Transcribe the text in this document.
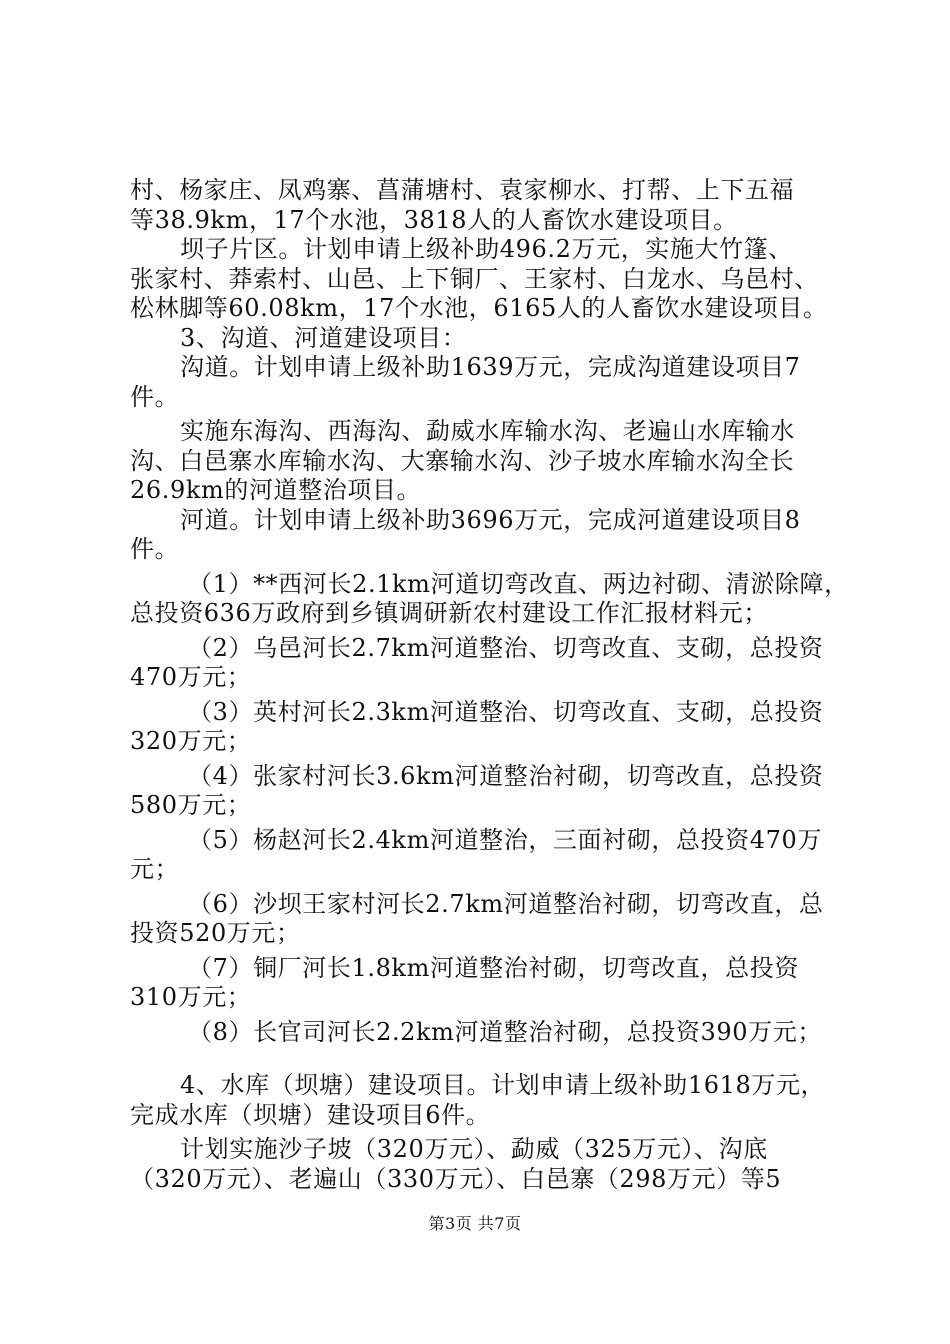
村、杨家庄、凤鸡寨、菖蒲塘村、袁家柳水、打帮、上下五福
等38.9km，17个水池，3818人的人畜饮水建设项目。
坝子片区。计划申请上级补助496.2万元，实施大竹篷、
张家村、莽索村、山邑、上下铜厂、王家村、白龙水、乌邑村、
松林脚等60.08km，17个水池，6165人的人畜饮水建设项目。
3、沟道、河道建设项目：
沟道。计划申请上级补助1639万元，完成沟道建设项目7
件。
实施东海沟、西海沟、勐威水库输水沟、老遍山水库输水
沟、白邑寨水库输水沟、大寨输水沟、沙子坡水库输水沟全长
26.9km的河道整治项目。
河道。计划申请上级补助3696万元，完成河道建设项目8
件。
（1）**西河长2.1km河道切弯改直、两边衬砌、清淤除障，
总投资636万政府到乡镇调研新农村建设工作汇报材料元；
（2）乌邑河长2.7km河道整治、切弯改直、支砌，总投资
470万元；
（3）英村河长2.3km河道整治、切弯改直、支砌，总投资
320万元；
（4）张家村河长3.6km河道整治衬砌，切弯改直，总投资
580万元；
（5）杨赵河长2.4km河道整治，三面衬砌，总投资470万
元；
（6）沙坝王家村河长2.7km河道整治衬砌，切弯改直，总
投资520万元；
（7）铜厂河长1.8km河道整治衬砌，切弯改直，总投资
310万元；
（8）长官司河长2.2km河道整治衬砌，总投资390万元；
4、水库（坝塘）建设项目。计划申请上级补助1618万元，
完成水库（坝塘）建设项目6件。
计划实施沙子坡（320万元）、勐威（325万元）、沟底
（320万元）、老遍山（330万元）、白邑寨（298万元）等5
第3页 共7页
